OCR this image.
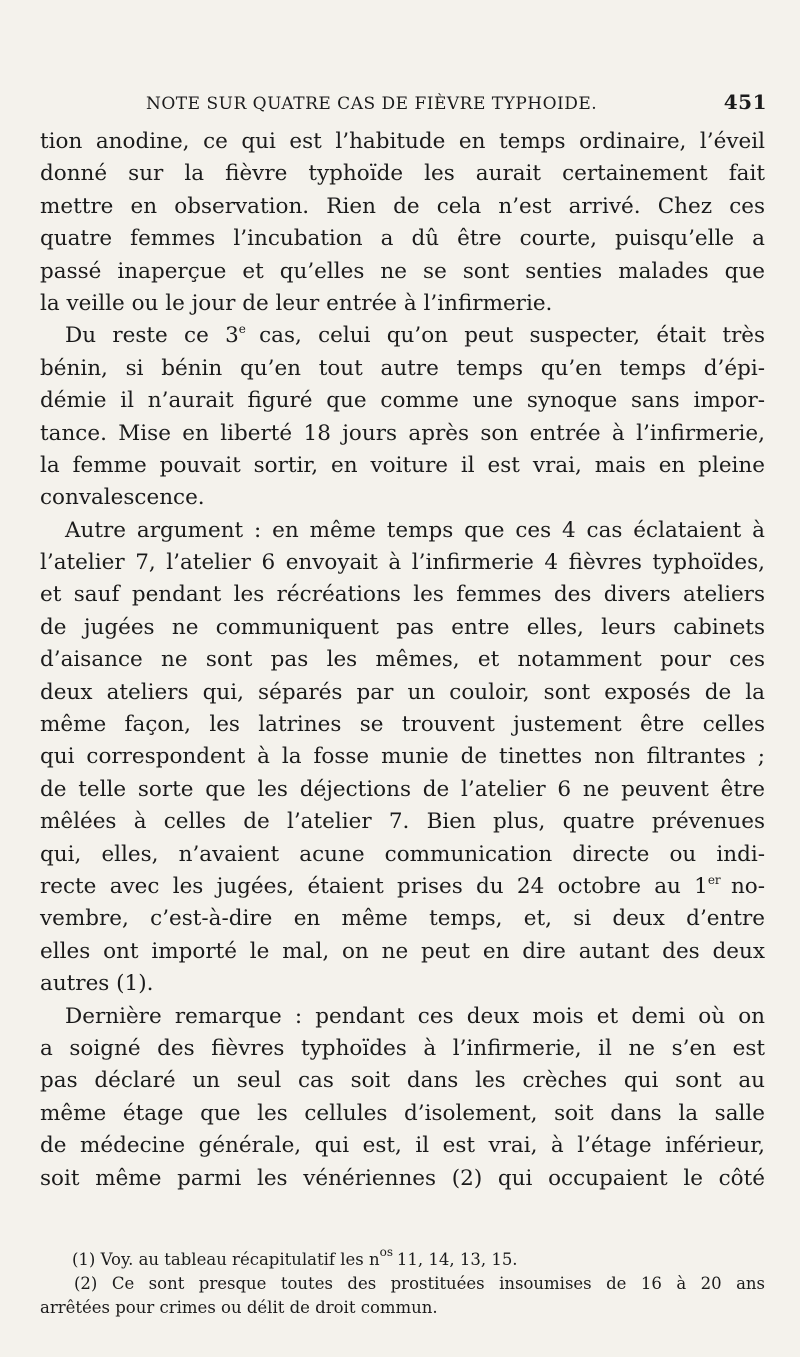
NOTE SUR QUATRE CAS DE FIÈVRE TYPHOIDE.	451
tion anodine, ce qui est l’habitude en temps ordinaire, l’éveil
donné sur la fièvre typhoïde les aurait certainement fait
mettre en observation. Rien de cela n’est arrivé. Chez ces
quatre femmes l’incubation a dû être courte, puisqu’elle a
passé inaperçue et qu’elles ne se sont senties malades que
la veille ou le jour de leur entrée à l’infirmerie.
Du reste ce 3e cas, celui qu’on peut suspecter, était très
bénin, si bénin qu’en tout autre temps qu’en temps d’épi-
démie il n’aurait figuré que comme une synoque sans impor-
tance. Mise en liberté 18 jours après son entrée à l’infirmerie,
la femme pouvait sortir, en voiture il est vrai, mais en pleine
convalescence.
Autre argument : en même temps que ces 4 cas éclataient à
l’atelier 7, l’atelier 6 envoyait à l’infirmerie 4 fièvres typhoïdes,
et sauf pendant les récréations les femmes des divers ateliers
de jugées ne communiquent pas entre elles, leurs cabinets
d’aisance ne sont pas les mêmes, et notamment pour ces
deux ateliers qui, séparés par un couloir, sont exposés de la
même façon, les latrines se trouvent justement être celles
qui correspondent à la fosse munie de tinettes non filtrantes ;
de telle sorte que les déjections de l’atelier 6 ne peuvent être
mêlées à celles de l’atelier 7. Bien plus, quatre prévenues
qui, elles, n’avaient acune communication directe ou indi-
recte avec les jugées, étaient prises du 24 octobre au 1er no-
vembre, c’est-à-dire en même temps, et, si deux d’entre
elles ont importé le mal, on ne peut en dire autant des deux
autres (1).
Dernière remarque : pendant ces deux mois et demi où on
a soigné des fièvres typhoïdes à l’infirmerie, il ne s’en est
pas déclaré un seul cas soit dans les crèches qui sont au
même étage que les cellules d’isolement, soit dans la salle
de médecine générale, qui est, il est vrai, à l’étage inférieur,
soit même parmi les vénériennes (2) qui occupaient le côté
(1) Voy. au tableau récapitulatif les $n^{os}$ 11, 14, 13, 15.
(2) Ce sont presque toutes des prostituées insoumises de 16 à 20 ans
arrêtées pour crimes ou délit de droit commun.
